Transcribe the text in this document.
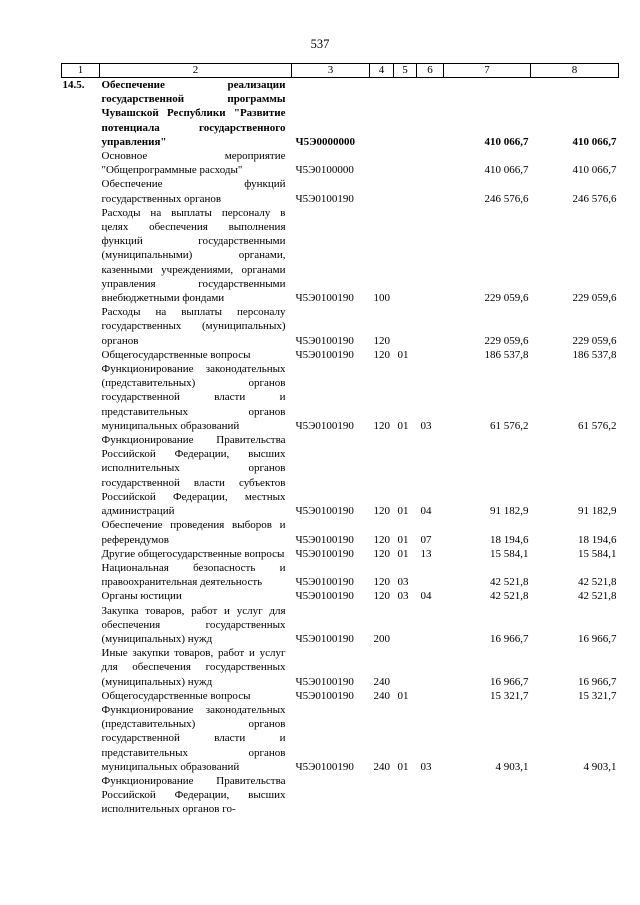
537
1	2	3	4	5	6	7	8
14.5.	Обеспечение реализации государственной программы Чувашской Республики "Развитие потенциала государственного управления"	Ч5Э0000000				410 066,7	410 066,7
	Основное мероприятие "Общепрограммные расходы"	Ч5Э0100000				410 066,7	410 066,7
	Обеспечение функций государственных органов	Ч5Э0100190				246 576,6	246 576,6
	Расходы на выплаты персоналу в целях обеспечения выполнения функций государственными (муниципальными) органами, казенными учреждениями, органами управления государственными внебюджетными фондами	Ч5Э0100190	100			229 059,6	229 059,6
	Расходы на выплаты персоналу государственных (муниципальных) органов	Ч5Э0100190	120			229 059,6	229 059,6
	Общегосударственные вопросы	Ч5Э0100190	120	01		186 537,8	186 537,8
	Функционирование законодательных (представительных) органов государственной власти и представительных органов муниципальных образований	Ч5Э0100190	120	01	03	61 576,2	61 576,2
	Функционирование Правительства Российской Федерации, высших исполнительных органов государственной власти субъектов Российской Федерации, местных администраций	Ч5Э0100190	120	01	04	91 182,9	91 182,9
	Обеспечение проведения выборов и референдумов	Ч5Э0100190	120	01	07	18 194,6	18 194,6
	Другие общегосударственные вопросы	Ч5Э0100190	120	01	13	15 584,1	15 584,1
	Национальная безопасность и правоохранительная деятельность	Ч5Э0100190	120	03		42 521,8	42 521,8
	Органы юстиции	Ч5Э0100190	120	03	04	42 521,8	42 521,8
	Закупка товаров, работ и услуг для обеспечения государственных (муниципальных) нужд	Ч5Э0100190	200			16 966,7	16 966,7
	Иные закупки товаров, работ и услуг для обеспечения государственных (муниципальных) нужд	Ч5Э0100190	240			16 966,7	16 966,7
	Общегосударственные вопросы	Ч5Э0100190	240	01		15 321,7	15 321,7
	Функционирование законодательных (представительных) органов государственной власти и представительных органов муниципальных образований	Ч5Э0100190	240	01	03	4 903,1	4 903,1
	Функционирование Правительства Российской Федерации, высших исполнительных органов го-						
